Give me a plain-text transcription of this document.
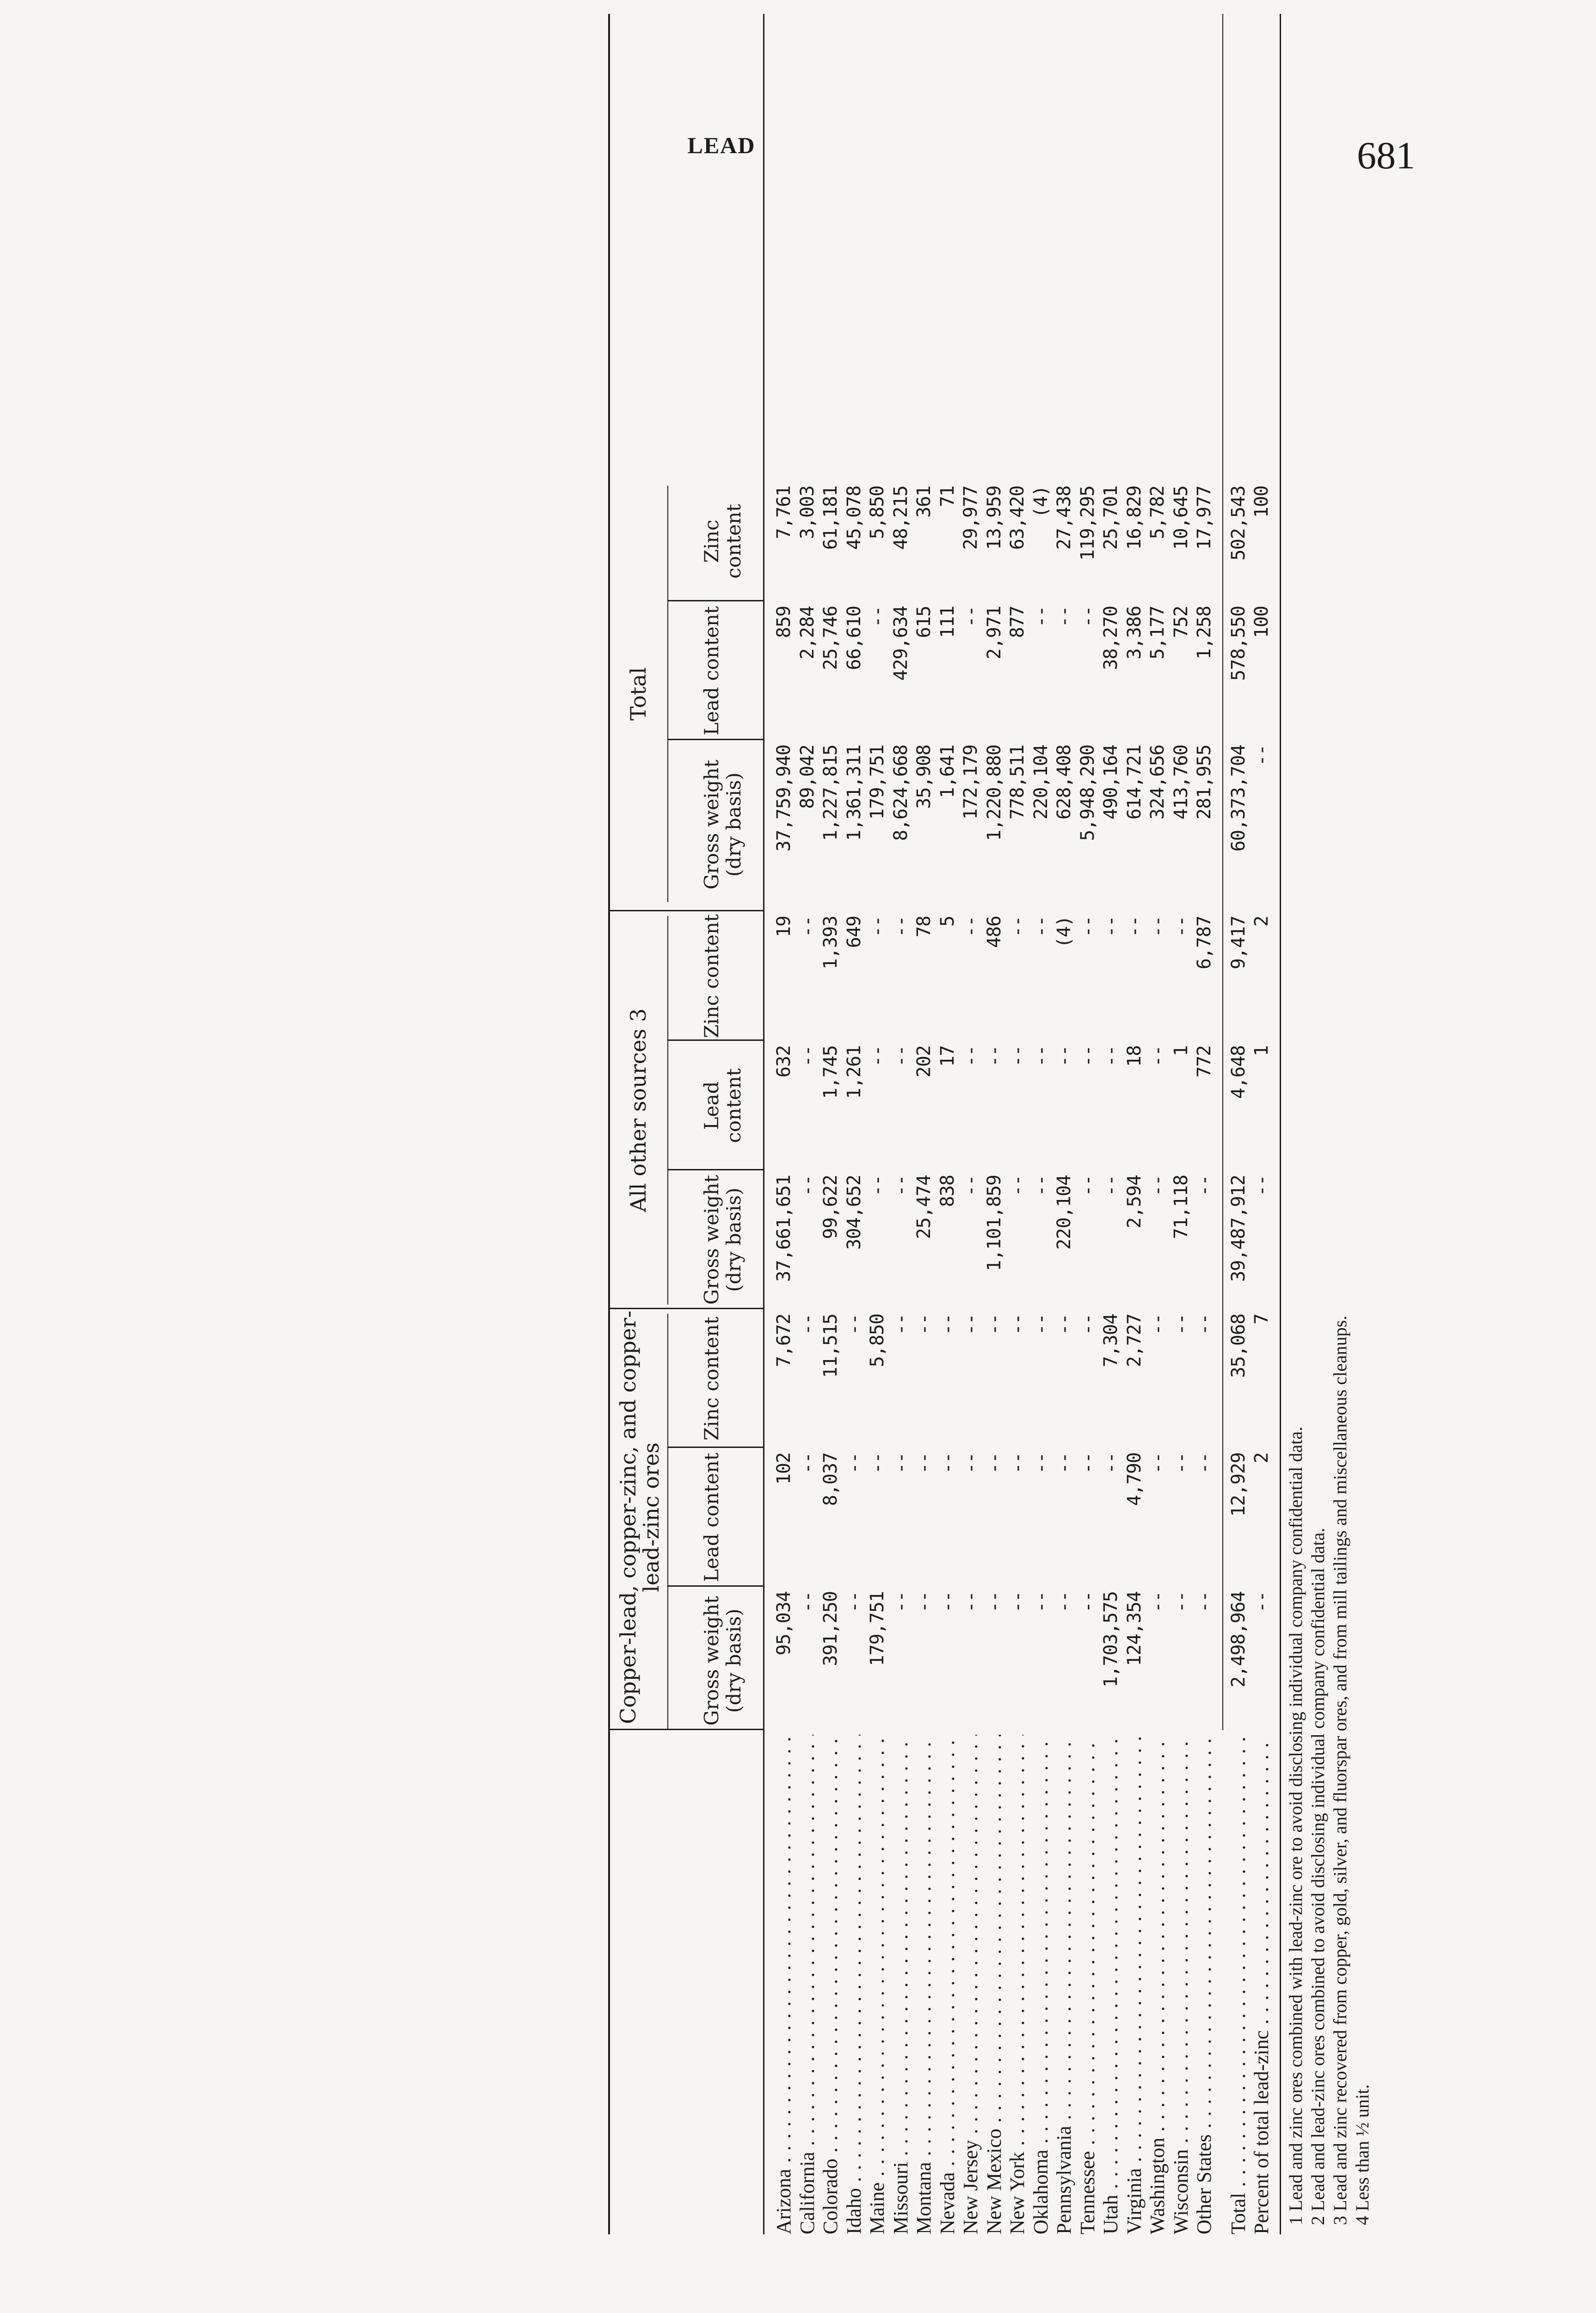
LEAD	681
Copper-lead, copper-zinc, and copper-lead-zinc ores
All other sources 3
Total
Gross weight (dry basis)
Lead content
Zinc content
Gross weight (dry basis)
Lead content
Zinc content
Gross weight (dry basis)
Lead content
Zinc content
Arizona . . .
95,034
102
7,672
37,661,651
632
19
37,759,940
859
7,761
California . . .
--
--
--
--
--
--
89,042
2,284
3,003
Colorado . . .
391,250
8,037
11,515
99,622
1,745
1,393
1,227,815
25,746
61,181
Idaho . . .
--
--
--
304,652
1,261
649
1,361,311
66,610
45,078
Maine . . .
179,751
--
5,850
--
--
--
179,751
--
5,850
Missouri . . .
--
--
--
--
--
--
8,624,668
429,634
48,215
Montana . . .
--
--
--
25,474
202
78
35,908
615
361
Nevada . . .
--
--
--
838
17
5
1,641
111
71
New Jersey . . .
--
--
--
--
--
--
172,179
--
29,977
New Mexico . . .
--
--
--
1,101,859
--
486
1,220,880
2,971
13,959
New York . . .
--
--
--
--
--
--
778,511
877
63,420
Oklahoma . . .
--
--
--
--
--
--
220,104
--
(4)
Pennsylvania . . .
--
--
--
220,104
--
(4)
628,408
--
27,438
Tennessee . . .
--
--
--
--
--
--
5,948,290
--
119,295
Utah . . .
1,703,575
--
7,304
--
--
--
490,164
38,270
25,701
Virginia . . .
124,354
4,790
2,727
2,594
18
--
614,721
3,386
16,829
Washington . . .
--
--
--
--
--
--
324,656
5,177
5,782
Wisconsin . . .
--
--
--
71,118
1
--
413,760
752
10,645
Other States . . .
--
--
--
--
772
6,787
281,955
1,258
17,977
Total . . .
2,498,964
12,929
35,068
39,487,912
4,648
9,417
60,373,704
578,550
502,543
Percent of total lead-zinc . . .
--
2
7
--
1
2
--
100
100
1 Lead and zinc ores combined with lead-zinc ore to avoid disclosing individual company confidential data. 2 Lead and lead-zinc ores combined to avoid disclosing individual company confidential data. 3 Lead and zinc recovered from copper, gold, silver, and fluorspar ores, and from mill tailings and miscellaneous cleanups. 4 Less than ½ unit.
